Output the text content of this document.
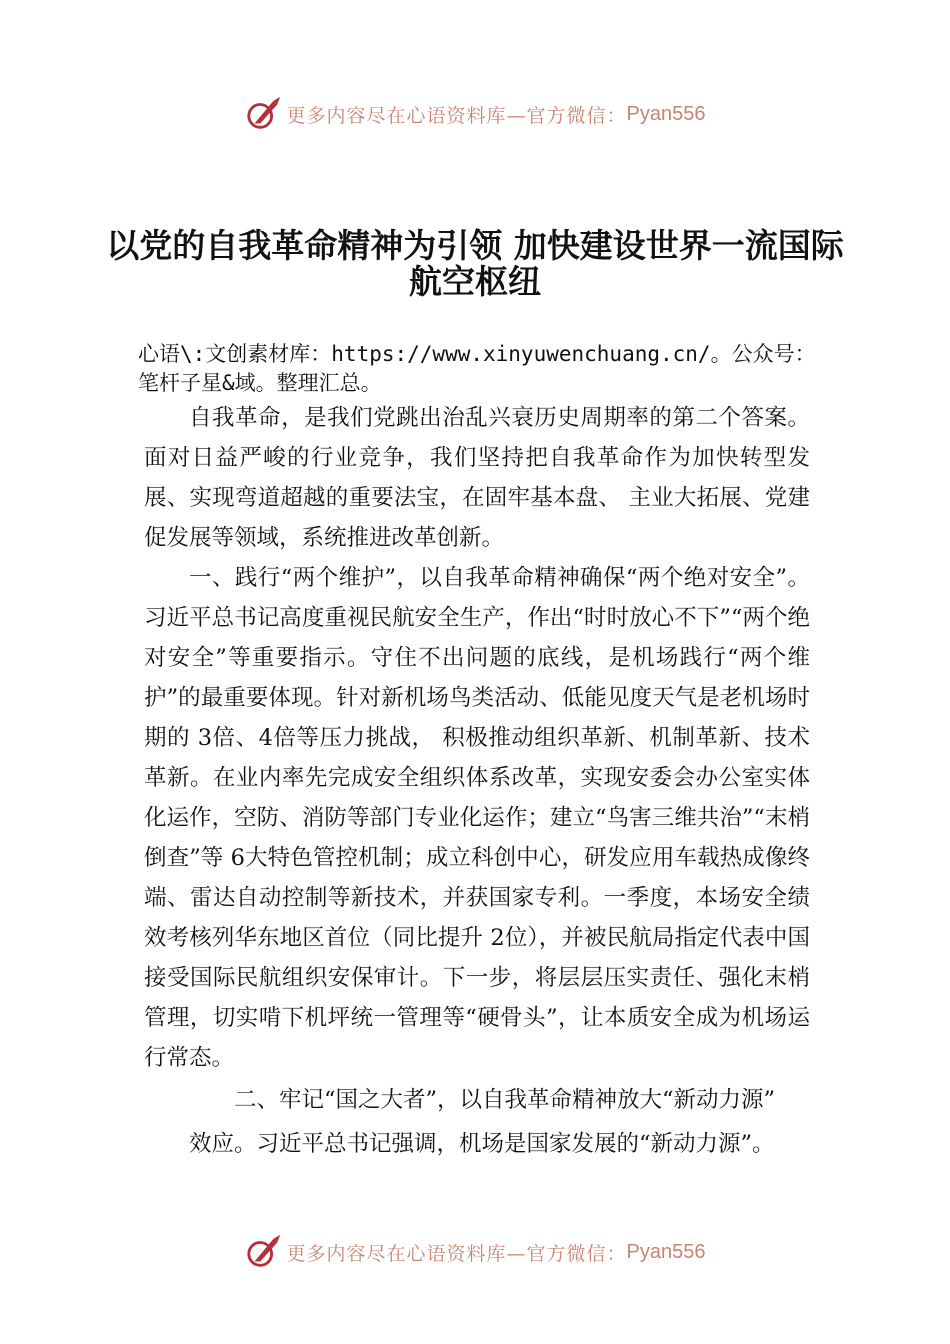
更多内容尽在心语资料库—官方微信： Pyan556
以党的自我革命精神为引领 加快建设世界一流国际航空枢纽
心语\:文创素材库：https://www.xinyuwenchuang.cn/。公众号：笔杆子星&域。整理汇总。

自我革命，是我们党跳出治乱兴衰历史周期率的第二个答案。面对日益严峻的行业竞争，我们坚持把自我革命作为加快转型发展、实现弯道超越的重要法宝，在固牢基本盘、 主业大拓展、党建促发展等领域，系统推进改革创新。

一、践行“两个维护”，以自我革命精神确保“两个绝对安全”。习近平总书记高度重视民航安全生产，作出“时时放心不下”“两个绝对安全”等重要指示。守住不出问题的底线，是机场践行“两个维护”的最重要体现。针对新机场鸟类活动、低能见度天气是老机场时期的 3倍、4倍等压力挑战， 积极推动组织革新、机制革新、技术革新。在业内率先完成安全组织体系改革，实现安委会办公室实体化运作，空防、消防等部门专业化运作；建立“鸟害三维共治”“末梢倒查”等 6大特色管控机制；成立科创中心，研发应用车载热成像终端、雷达自动控制等新技术，并获国家专利。一季度，本场安全绩效考核列华东地区首位（同比提升 2位），并被民航局指定代表中国接受国际民航组织安保审计。下一步，将层层压实责任、强化末梢管理，切实啃下机坪统一管理等“硬骨头”，让本质安全成为机场运行常态。

二、牢记“国之大者”，以自我革命精神放大“新动力源”

效应。习近平总书记强调，机场是国家发展的“新动力源”。

更多内容尽在心语资料库—官方微信： Pyan556
